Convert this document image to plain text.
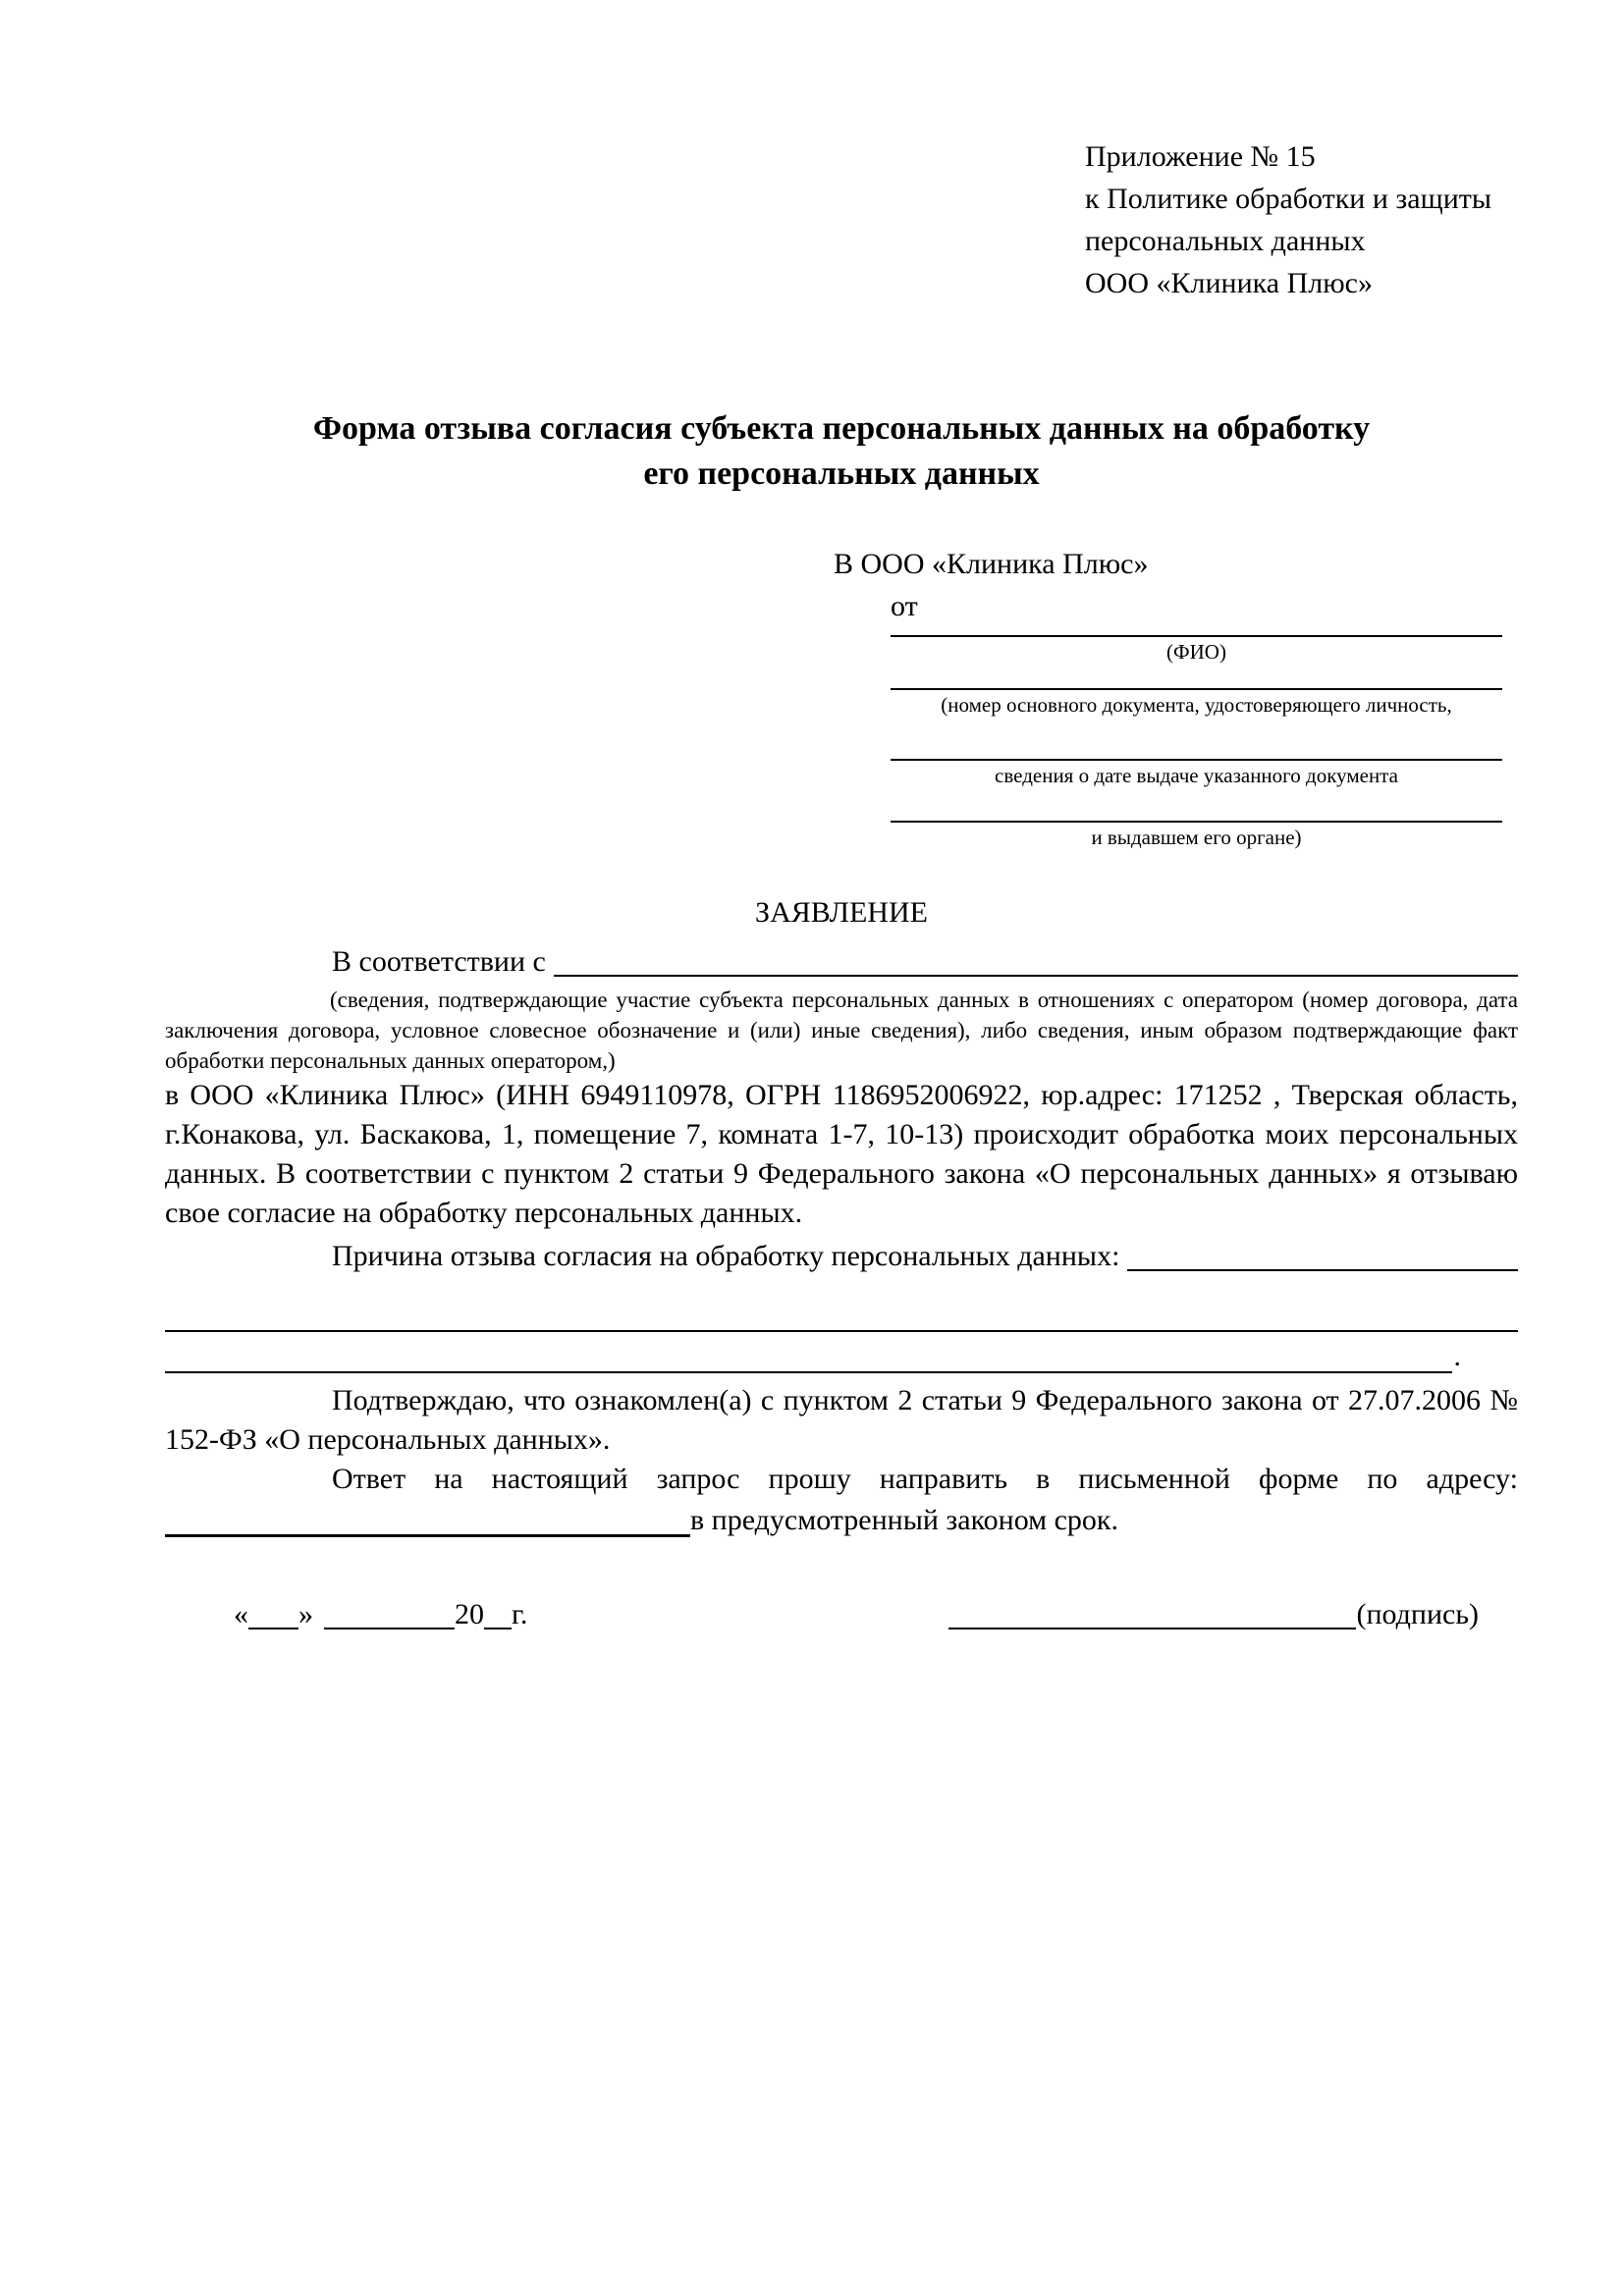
Приложение № 15
к Политике обработки и защиты
персональных данных
ООО «Клиника Плюс»
Форма отзыва согласия субъекта персональных данных на обработку
его персональных данных
В ООО «Клиника Плюс»
от
(ФИО)
(номер основного документа, удостоверяющего личность,
сведения о дате выдаче указанного документа
и выдавшем его органе)
ЗАЯВЛЕНИЕ
В соответствии с

(сведения, подтверждающие участие субъекта персональных данных в отношениях с оператором (номер договора, дата заключения договора, условное словесное обозначение и (или) иные сведения), либо сведения, иным образом подтверждающие факт обработки персональных данных оператором,)

в ООО «Клиника Плюс» (ИНН 6949110978, ОГРН 1186952006922, юр.адрес: 171252 , Тверская область, г.Конакова, ул. Баскакова, 1, помещение 7, комната 1-7, 10-13) происходит обработка моих персональных данных. В соответствии с пунктом 2 статьи 9 Федерального закона «О персональных данных» я отзываю свое согласие на обработку персональных данных.

Причина отзыва согласия на обработку персональных данных:
.

Подтверждаю, что ознакомлен(а) с пунктом 2 статьи 9 Федерального закона от 27.07.2006 № 152-ФЗ «О персональных данных».

Ответ на настоящий запрос прошу направить в письменной форме по адресу:

в предусмотренный законом срок.
« »	20 г.	(подпись)
